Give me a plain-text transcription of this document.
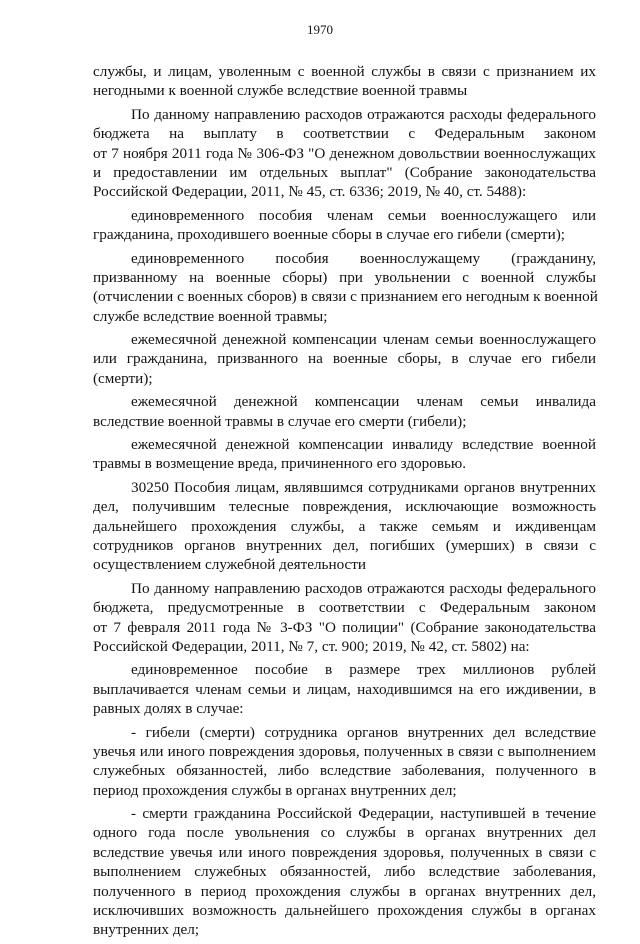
1970
службы, и лицам, уволенным с военной службы в связи с признанием их
негодными к военной службе вследствие военной травмы
По данному направлению расходов отражаются расходы федерального
бюджета на выплату в соответствии с Федеральным законом
от 7 ноября 2011 года № 306-ФЗ "О денежном довольствии военнослужащих
и предоставлении им отдельных выплат" (Собрание законодательства
Российской Федерации, 2011, № 45, ст. 6336; 2019, № 40, ст. 5488):
единовременного пособия членам семьи военнослужащего или
гражданина, проходившего военные сборы в случае его гибели (смерти);
единовременного пособия военнослужащему (гражданину,
призванному на военные сборы) при увольнении с военной службы
(отчислении с военных сборов) в связи с признанием его негодным к военной
службе вследствие военной травмы;
ежемесячной денежной компенсации членам семьи военнослужащего
или гражданина, призванного на военные сборы, в случае его гибели
(смерти);
ежемесячной денежной компенсации членам семьи инвалида
вследствие военной травмы в случае его смерти (гибели);
ежемесячной денежной компенсации инвалиду вследствие военной
травмы в возмещение вреда, причиненного его здоровью.
30250 Пособия лицам, являвшимся сотрудниками органов внутренних
дел, получившим телесные повреждения, исключающие возможность
дальнейшего прохождения службы, а также семьям и иждивенцам
сотрудников органов внутренних дел, погибших (умерших) в связи с
осуществлением служебной деятельности
По данному направлению расходов отражаются расходы федерального
бюджета, предусмотренные в соответствии с Федеральным законом
от 7 февраля 2011 года № 3-ФЗ "О полиции" (Собрание законодательства
Российской Федерации, 2011, № 7, ст. 900; 2019, № 42, ст. 5802) на:
единовременное пособие в размере трех миллионов рублей
выплачивается членам семьи и лицам, находившимся на его иждивении, в
равных долях в случае:
- гибели (смерти) сотрудника органов внутренних дел вследствие
увечья или иного повреждения здоровья, полученных в связи с выполнением
служебных обязанностей, либо вследствие заболевания, полученного в
период прохождения службы в органах внутренних дел;
- смерти гражданина Российской Федерации, наступившей в течение
одного года после увольнения со службы в органах внутренних дел
вследствие увечья или иного повреждения здоровья, полученных в связи с
выполнением служебных обязанностей, либо вследствие заболевания,
полученного в период прохождения службы в органах внутренних дел,
исключивших возможность дальнейшего прохождения службы в органах
внутренних дел;
